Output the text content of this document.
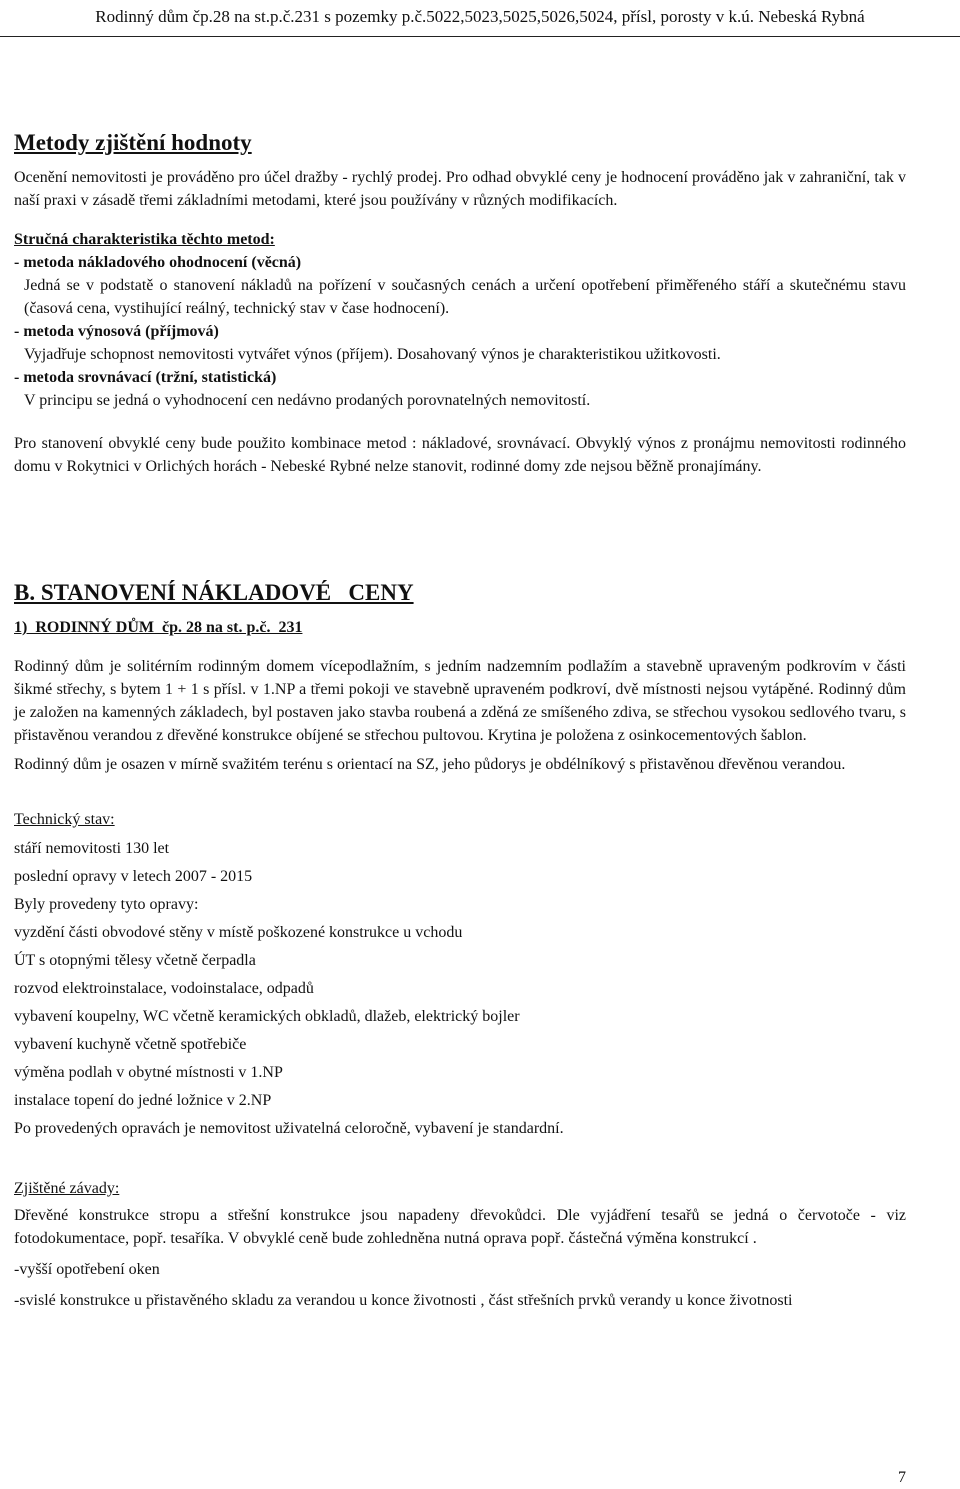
Rodinný dům čp.28 na st.p.č.231 s pozemky p.č.5022,5023,5025,5026,5024, přísl, porosty v k.ú. Nebeská Rybná
Metody zjištění hodnoty

Ocenění nemovitosti je prováděno pro účel dražby - rychlý prodej. Pro odhad obvyklé ceny je hodnocení prováděno jak v zahraniční, tak v naší praxi v zásadě třemi základními metodami, které jsou používány v různých modifikacích.

Stručná charakteristika těchto metod:

- metoda nákladového ohodnocení (věcná)

Jedná se v podstatě o stanovení nákladů na pořízení v současných cenách a určení opotřebení přiměřeného stáří a skutečnému stavu (časová cena, vystihující reálný, technický stav v čase hodnocení).

- metoda výnosová (příjmová)

Vyjadřuje schopnost nemovitosti vytvářet výnos (příjem). Dosahovaný výnos je charakteristikou užitkovosti.

- metoda srovnávací (tržní, statistická)

V principu se jedná o vyhodnocení cen nedávno prodaných porovnatelných nemovitostí.

Pro stanovení obvyklé ceny bude použito kombinace metod : nákladové, srovnávací. Obvyklý výnos z pronájmu nemovitosti rodinného domu v Rokytnici v Orlichých horách - Nebeské Rybné nelze stanovit, rodinné domy zde nejsou běžně pronajímány.

B. STANOVENÍ NÁKLADOVÉ   CENY

1)  RODINNÝ DŮM  čp. 28 na st. p.č.  231

Rodinný dům je solitérním rodinným domem vícepodlažním, s jedním nadzemním podlažím a stavebně upraveným podkrovím v části šikmé střechy, s bytem 1 + 1 s přísl. v 1.NP a třemi pokoji ve stavebně upraveném podkroví, dvě místnosti nejsou vytápěné. Rodinný dům je založen na kamenných základech, byl postaven jako stavba roubená a zděná ze smíšeného zdiva, se střechou vysokou sedlového tvaru, s přistavěnou verandou z dřevěné konstrukce obíjené se střechou pultovou. Krytina je položena z osinkocementových šablon.

Rodinný dům je osazen v mírně svažitém terénu s orientací na SZ, jeho půdorys je obdélníkový s přistavěnou dřevěnou verandou.

Technický stav:

stáří nemovitosti 130 let

poslední opravy v letech 2007 - 2015

Byly provedeny tyto opravy:

vyzdění části obvodové stěny v místě poškozené konstrukce u vchodu

ÚT s otopnými tělesy včetně čerpadla

rozvod elektroinstalace, vodoinstalace, odpadů

vybavení koupelny, WC včetně keramických obkladů, dlažeb, elektrický bojler

vybavení kuchyně včetně spotřebiče

výměna podlah v obytné místnosti v 1.NP

instalace topení do jedné ložnice v 2.NP

Po provedených opravách je nemovitost uživatelná celoročně, vybavení je standardní.

Zjištěné závady:

Dřevěné konstrukce stropu a střešní konstrukce jsou napadeny dřevokůdci. Dle vyjádření tesařů se jedná o červotoče - viz fotodokumentace, popř. tesaříka. V obvyklé ceně bude zohledněna nutná oprava popř. částečná výměna konstrukcí .

-vyšší opotřebení oken

-svislé konstrukce u přistavěného skladu za verandou u konce životnosti , část střešních prvků verandy u konce životnosti

7
